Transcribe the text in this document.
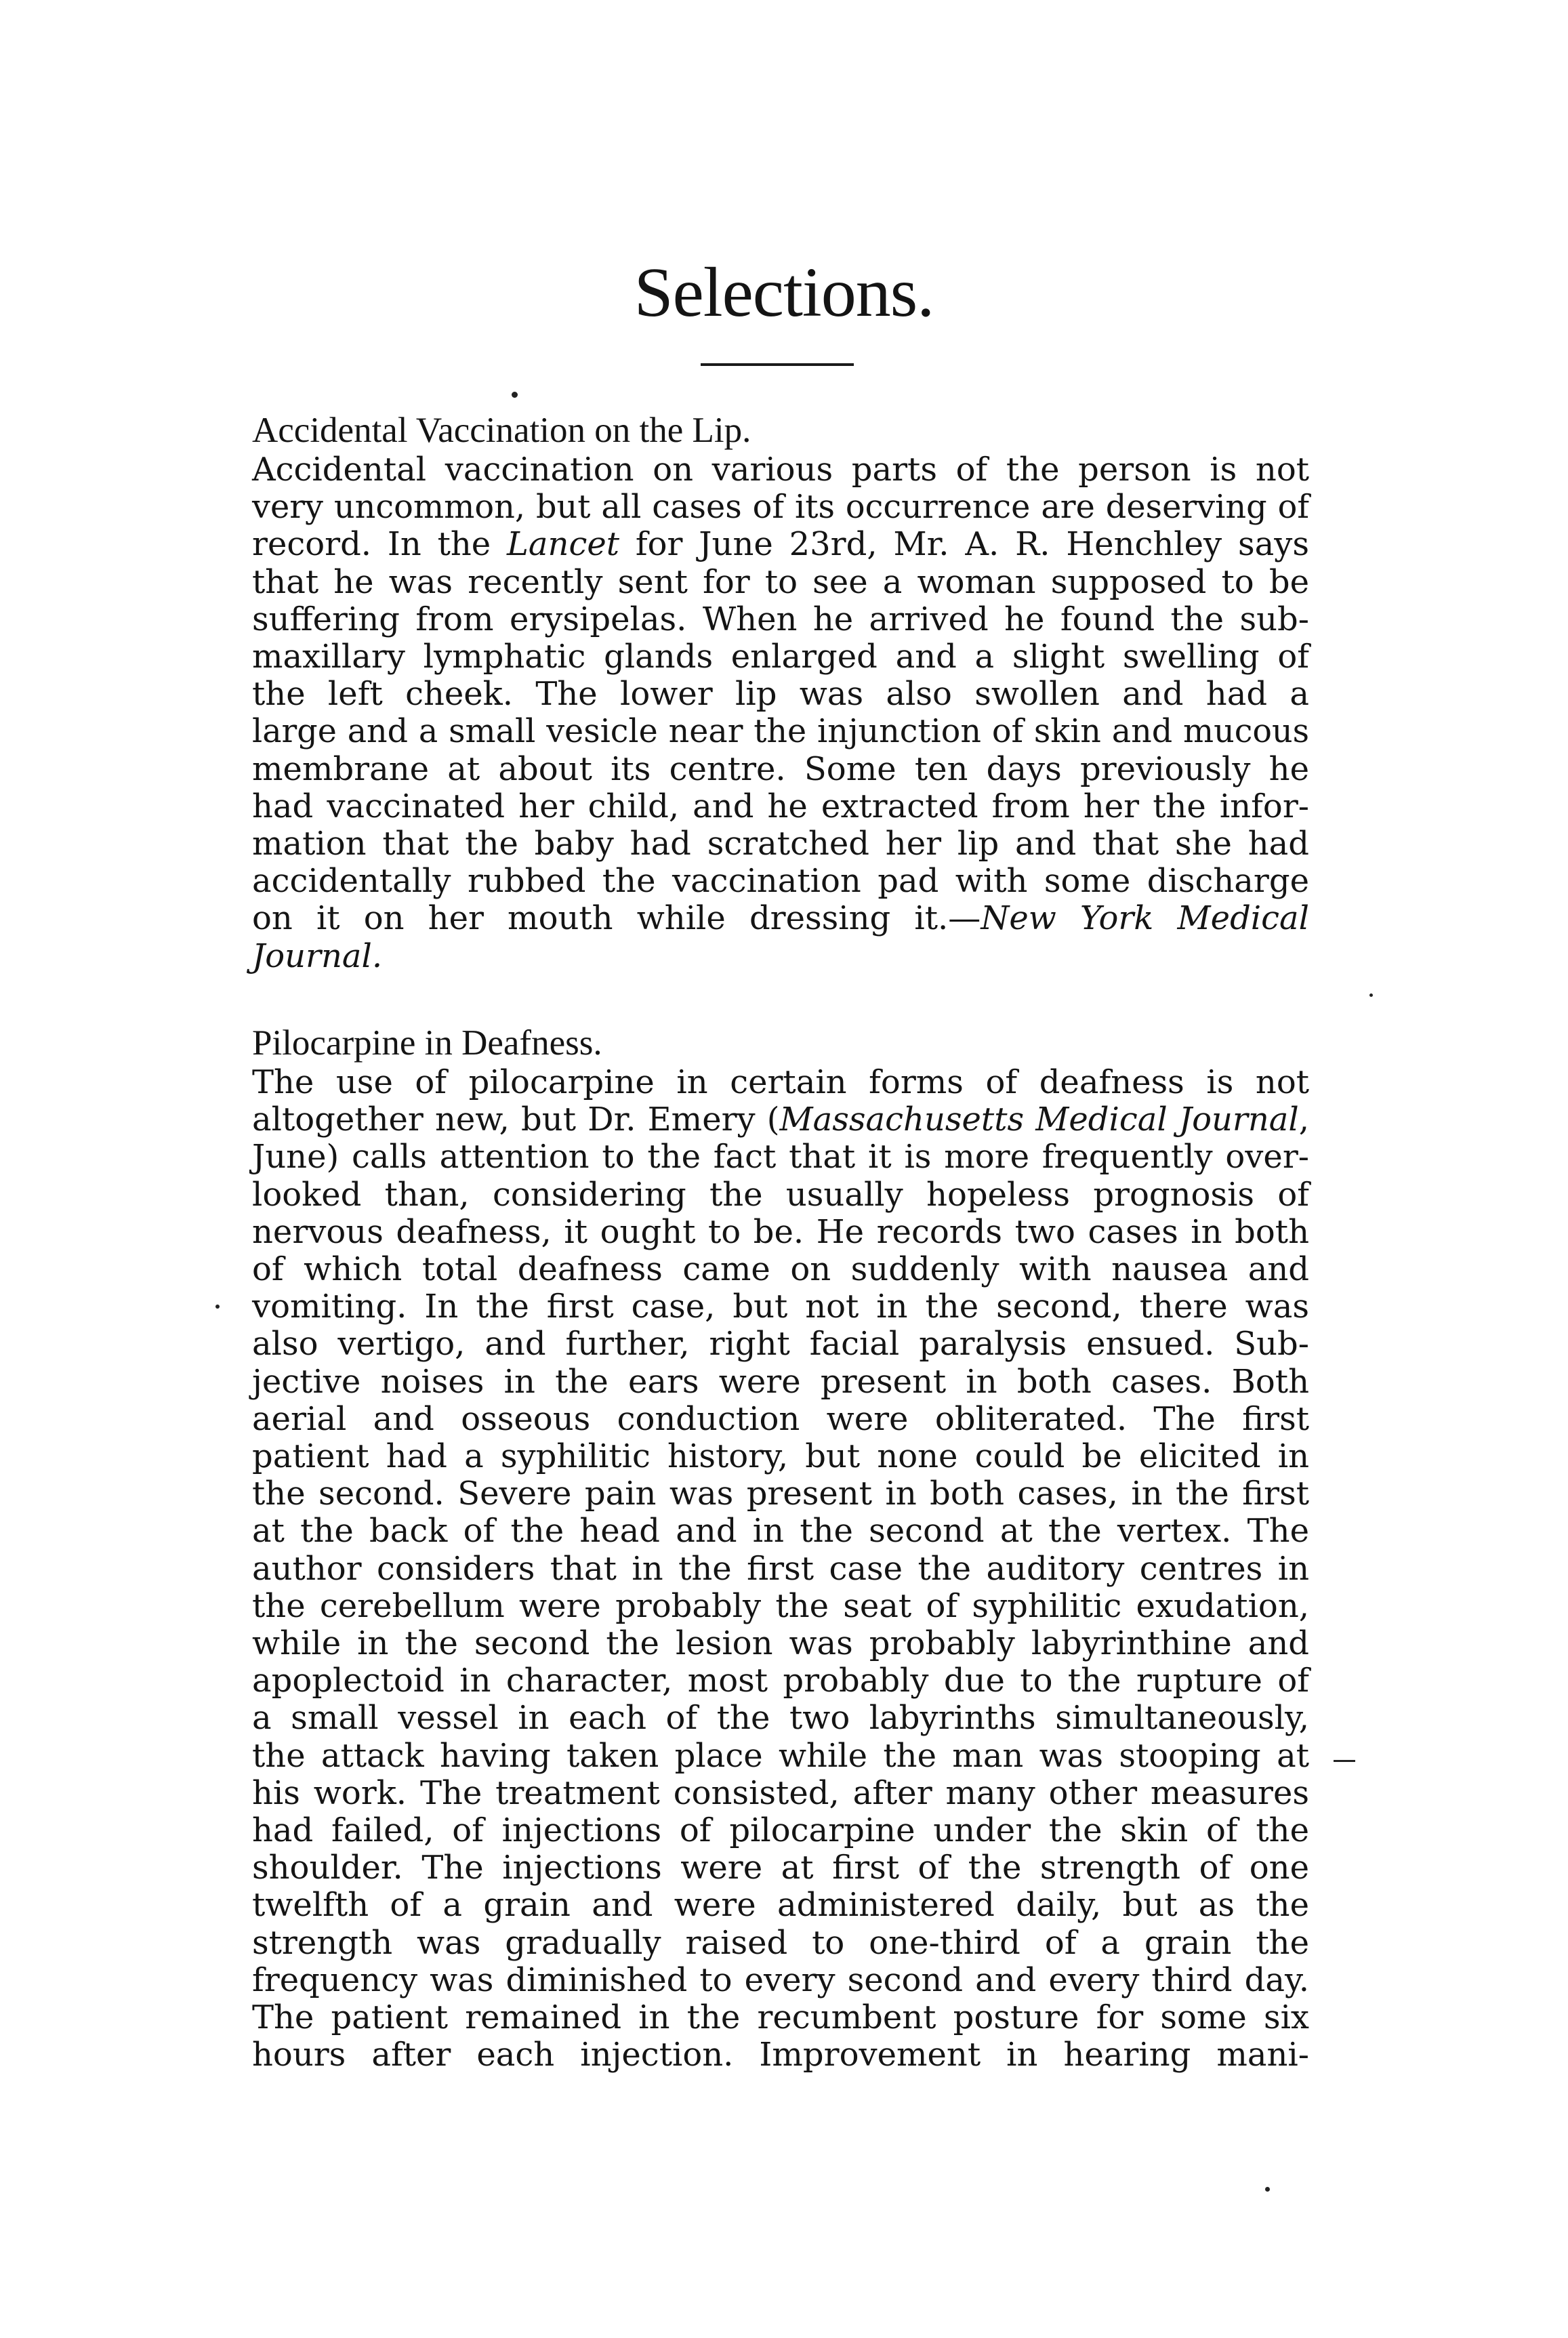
Selections.
Accidental Vaccination on the Lip.

Accidental vaccination on various parts of the person is not
very uncommon, but all cases of its occurrence are deserving of
record. In the Lancet for June 23rd, Mr. A. R. Henchley says
that he was recently sent for to see a woman supposed to be
suffering from erysipelas. When he arrived he found the sub-
maxillary lymphatic glands enlarged and a slight swelling of
the left cheek. The lower lip was also swollen and had a
large and a small vesicle near the injunction of skin and mucous
membrane at about its centre. Some ten days previously he
had vaccinated her child, and he extracted from her the infor-
mation that the baby had scratched her lip and that she had
accidentally rubbed the vaccination pad with some discharge
on it on her mouth while dressing it.—New York Medical
Journal.

Pilocarpine in Deafness.

The use of pilocarpine in certain forms of deafness is not
altogether new, but Dr. Emery (Massachusetts Medical Journal,
June) calls attention to the fact that it is more frequently over-
looked than, considering the usually hopeless prognosis of
nervous deafness, it ought to be. He records two cases in both
of which total deafness came on suddenly with nausea and
vomiting. In the first case, but not in the second, there was
also vertigo, and further, right facial paralysis ensued. Sub-
jective noises in the ears were present in both cases. Both
aerial and osseous conduction were obliterated. The first
patient had a syphilitic history, but none could be elicited in
the second. Severe pain was present in both cases, in the first
at the back of the head and in the second at the vertex. The
author considers that in the first case the auditory centres in
the cerebellum were probably the seat of syphilitic exudation,
while in the second the lesion was probably labyrinthine and
apoplectoid in character, most probably due to the rupture of
a small vessel in each of the two labyrinths simultaneously,
the attack having taken place while the man was stooping at
his work. The treatment consisted, after many other measures
had failed, of injections of pilocarpine under the skin of the
shoulder. The injections were at first of the strength of one
twelfth of a grain and were administered daily, but as the
strength was gradually raised to one-third of a grain the
frequency was diminished to every second and every third day.
The patient remained in the recumbent posture for some six
hours after each injection. Improvement in hearing mani-
